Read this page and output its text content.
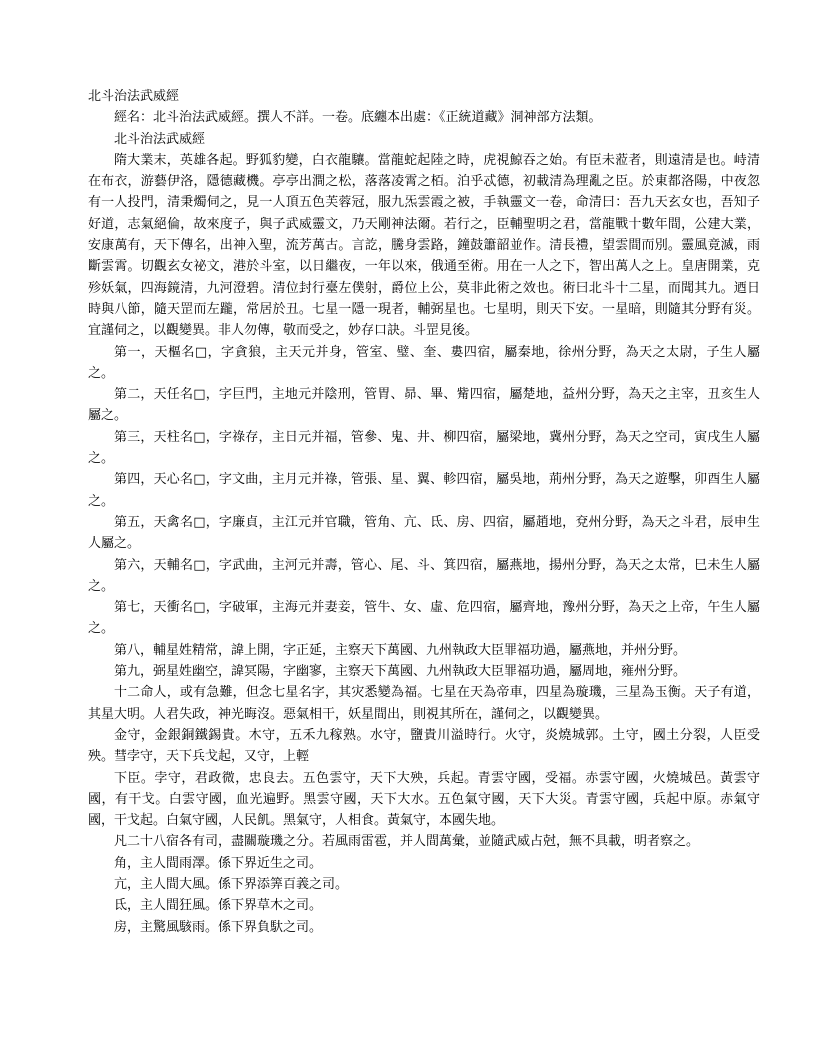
北斗治法武威經

經名：北斗治法武威經。撰人不詳。一卷。底纏本出處：《正統道藏》洞神部方法類。

北斗治法武威經

隋大業末，英雄各起。野狐豹變，白衣龍驤。當龍蛇起陸之時，虎視鯨吞之始。有臣未蒞者，則遠清是也。峙清在布衣，游藝伊洛，隱德藏機。亭亭出澗之松，落落凌霄之栢。泊乎忒德，初載清為理亂之臣。於東都洛陽，中夜忽有一人投門，清秉燭伺之，見一人頂五色芙蓉冠，服九炁雲霞之被，手執靈文一卷，命清曰：吾九天玄女也，吾知子好道，志氣絕倫，故來度子，與子武威靈文，乃天剛神法爾。若行之，臣輔聖明之君，當龍戰十數年間，公建大業，安康萬有，天下傳名，出神入聖，流芳萬古。言訖，騰身雲路，鐘鼓簫韶並作。清長禮，望雲間而別。靈風竟滅，雨斷雲霄。切觀玄女祕文，港於斗室，以日繼夜，一年以來，俄通至術。用在一人之下，智出萬人之上。皇唐開業，克殄妖氣，四海鏡清，九河澄碧。清位封行臺左僕射，爵位上公，莫非此術之效也。術曰北斗十二星，而聞其九。迺日時與八節，隨天罡而左躘，常居於丑。七星一隱一現者，輔弼星也。七星明，則天下安。一星暗，則隨其分野有災。宜謹伺之，以觀變異。非人勿傳，敬而受之，妙存口訣。斗罡見後。

第一，天樞名□，字貪狼，主天元并身，管室、璧、奎、婁四宿，屬秦地，徐州分野，為天之太尉，子生人屬之。

第二，天任名□，字巨門，主地元并陰刑，管胃、昴、畢、觜四宿，屬楚地，益州分野，為天之主宰，丑亥生人屬之。

第三，天柱名□，字祿存，主日元并福，管參、鬼、井、柳四宿，屬梁地，冀州分野，為天之空司，寅戌生人屬之。

第四，天心名□，字文曲，主月元并祿，管張、星、翼、軫四宿，屬吳地，荊州分野，為天之遊擊，卯酉生人屬之。

第五，天禽名□，字廉貞，主江元并官職，管角、亢、氐、房、四宿，屬趙地，兗州分野，為天之斗君，辰申生人屬之。

第六，天輔名□，字武曲，主河元并壽，管心、尾、斗、箕四宿，屬燕地，揚州分野，為天之太常，巳未生人屬之。

第七，天衝名□，字破軍，主海元并妻妾，管牛、女、虛、危四宿，屬齊地，豫州分野，為天之上帝，午生人屬之。

第八，輔星姓精常，諱上開，字正延，主察天下萬國、九州執政大臣罪福功過，屬燕地，并州分野。

第九，弼星姓幽空，諱冥陽，字幽寥，主察天下萬國、九州執政大臣罪福功過，屬周地，雍州分野。

十二命人，或有急難，但念七星名字，其灾悉變為福。七星在天為帝車，四星為璇璣，三星為玉衡。天子有道，其星大明。人君失政，神光晦沒。惡氣相干，妖星間出，則視其所在，謹伺之，以觀變異。

金守，金銀銅鐵錫貴。木守，五禾九稼熟。水守，鹽貴川溢時行。火守，炎燒城郭。土守，國土分裂，人臣受殃。彗孛守，天下兵戈起，又守，上輕

下臣。孛守，君政微，忠良去。五色雲守，天下大殃，兵起。青雲守國，受福。赤雲守國，火燒城邑。黃雲守國，有干戈。白雲守國，血光遍野。黑雲守國，天下大水。五色氣守國，天下大災。青雲守國，兵起中原。赤氣守國，干戈起。白氣守國，人民飢。黑氣守，人相食。黃氣守，本國失地。

凡二十八宿各有司，盡關璇璣之分。若風雨雷雹，并人間萬彙，並隨武威占尅，無不具載，明者察之。

角，主人間雨澤。係下界近生之司。

亢，主人間大風。係下界添筭百義之司。

氐，主人間狂風。係下界草木之司。

房，主驚風駭雨。係下界負馱之司。
